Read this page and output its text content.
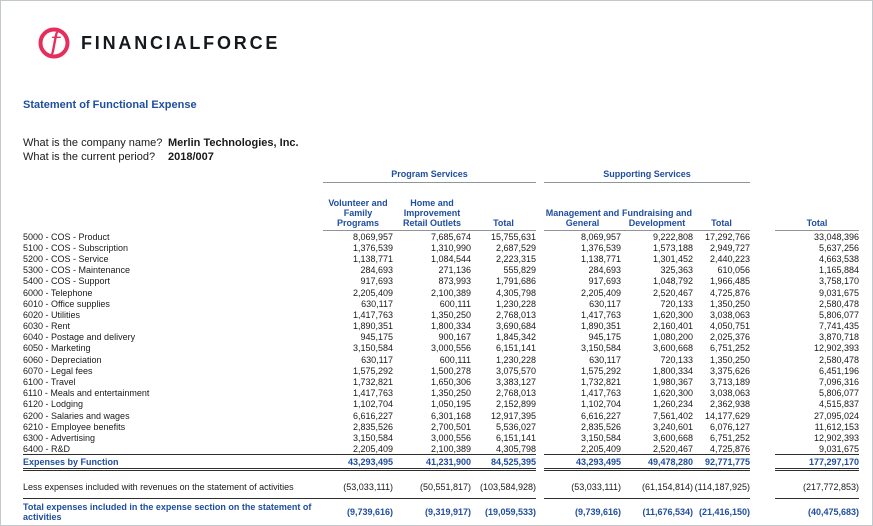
f FINANCIALFORCE
Statement of Functional Expense
What is the company name? Merlin Technologies, Inc.
What is the current period?	2018/007

	Program Services				Supporting Services				

Volunteer and Family Programs	Home and Improvement Retail Outlets	Total		Management and General	Fundraising and Development	Total		Total

5000 - COS - Product	8,069,957	7,685,674	15,755,631		8,069,957	9,222,808	17,292,766		33,048,396
5100 - COS - Subscription	1,376,539	1,310,990	2,687,529		1,376,539	1,573,188	2,949,727		5,637,256
5200 - COS - Service	1,138,771	1,084,544	2,223,315		1,138,771	1,301,452	2,440,223		4,663,538
5300 - COS - Maintenance	284,693	271,136	555,829		284,693	325,363	610,056		1,165,884
5400 - COS - Support	917,693	873,993	1,791,686		917,693	1,048,792	1,966,485		3,758,170
6000 - Telephone	2,205,409	2,100,389	4,305,798		2,205,409	2,520,467	4,725,876		9,031,675
6010 - Office supplies	630,117	600,111	1,230,228		630,117	720,133	1,350,250		2,580,478
6020 - Utilities	1,417,763	1,350,250	2,768,013		1,417,763	1,620,300	3,038,063		5,806,077
6030 - Rent	1,890,351	1,800,334	3,690,684		1,890,351	2,160,401	4,050,751		7,741,435
6040 - Postage and delivery	945,175	900,167	1,845,342		945,175	1,080,200	2,025,376		3,870,718
6050 - Marketing	3,150,584	3,000,556	6,151,141		3,150,584	3,600,668	6,751,252		12,902,393
6060 - Depreciation	630,117	600,111	1,230,228		630,117	720,133	1,350,250		2,580,478
6070 - Legal fees	1,575,292	1,500,278	3,075,570		1,575,292	1,800,334	3,375,626		6,451,196
6100 - Travel	1,732,821	1,650,306	3,383,127		1,732,821	1,980,367	3,713,189		7,096,316
6110 - Meals and entertainment	1,417,763	1,350,250	2,768,013		1,417,763	1,620,300	3,038,063		5,806,077
6120 - Lodging	1,102,704	1,050,195	2,152,899		1,102,704	1,260,234	2,362,938		4,515,837
6200 - Salaries and wages	6,616,227	6,301,168	12,917,395		6,616,227	7,561,402	14,177,629		27,095,024
6210 - Employee benefits	2,835,526	2,700,501	5,536,027		2,835,526	3,240,601	6,076,127		11,612,153
6300 - Advertising	3,150,584	3,000,556	6,151,141		3,150,584	3,600,668	6,751,252		12,902,393
6400 - R&D	2,205,409	2,100,389	4,305,798		2,205,409	2,520,467	4,725,876		9,031,675
Expenses by Function	43,293,495	41,231,900	84,525,395		43,293,495	49,478,280	92,771,775		177,297,170

Less expenses included with revenues on the statement of activities	(53,033,111)	(50,551,817)	(103,584,928)		(53,033,111)	(61,154,814)	(114,187,925)		(217,772,853)
Total expenses included in the expense section on the statement of activities	(9,739,616)	(9,319,917)	(19,059,533)		(9,739,616)	(11,676,534)	(21,416,150)		(40,475,683)
